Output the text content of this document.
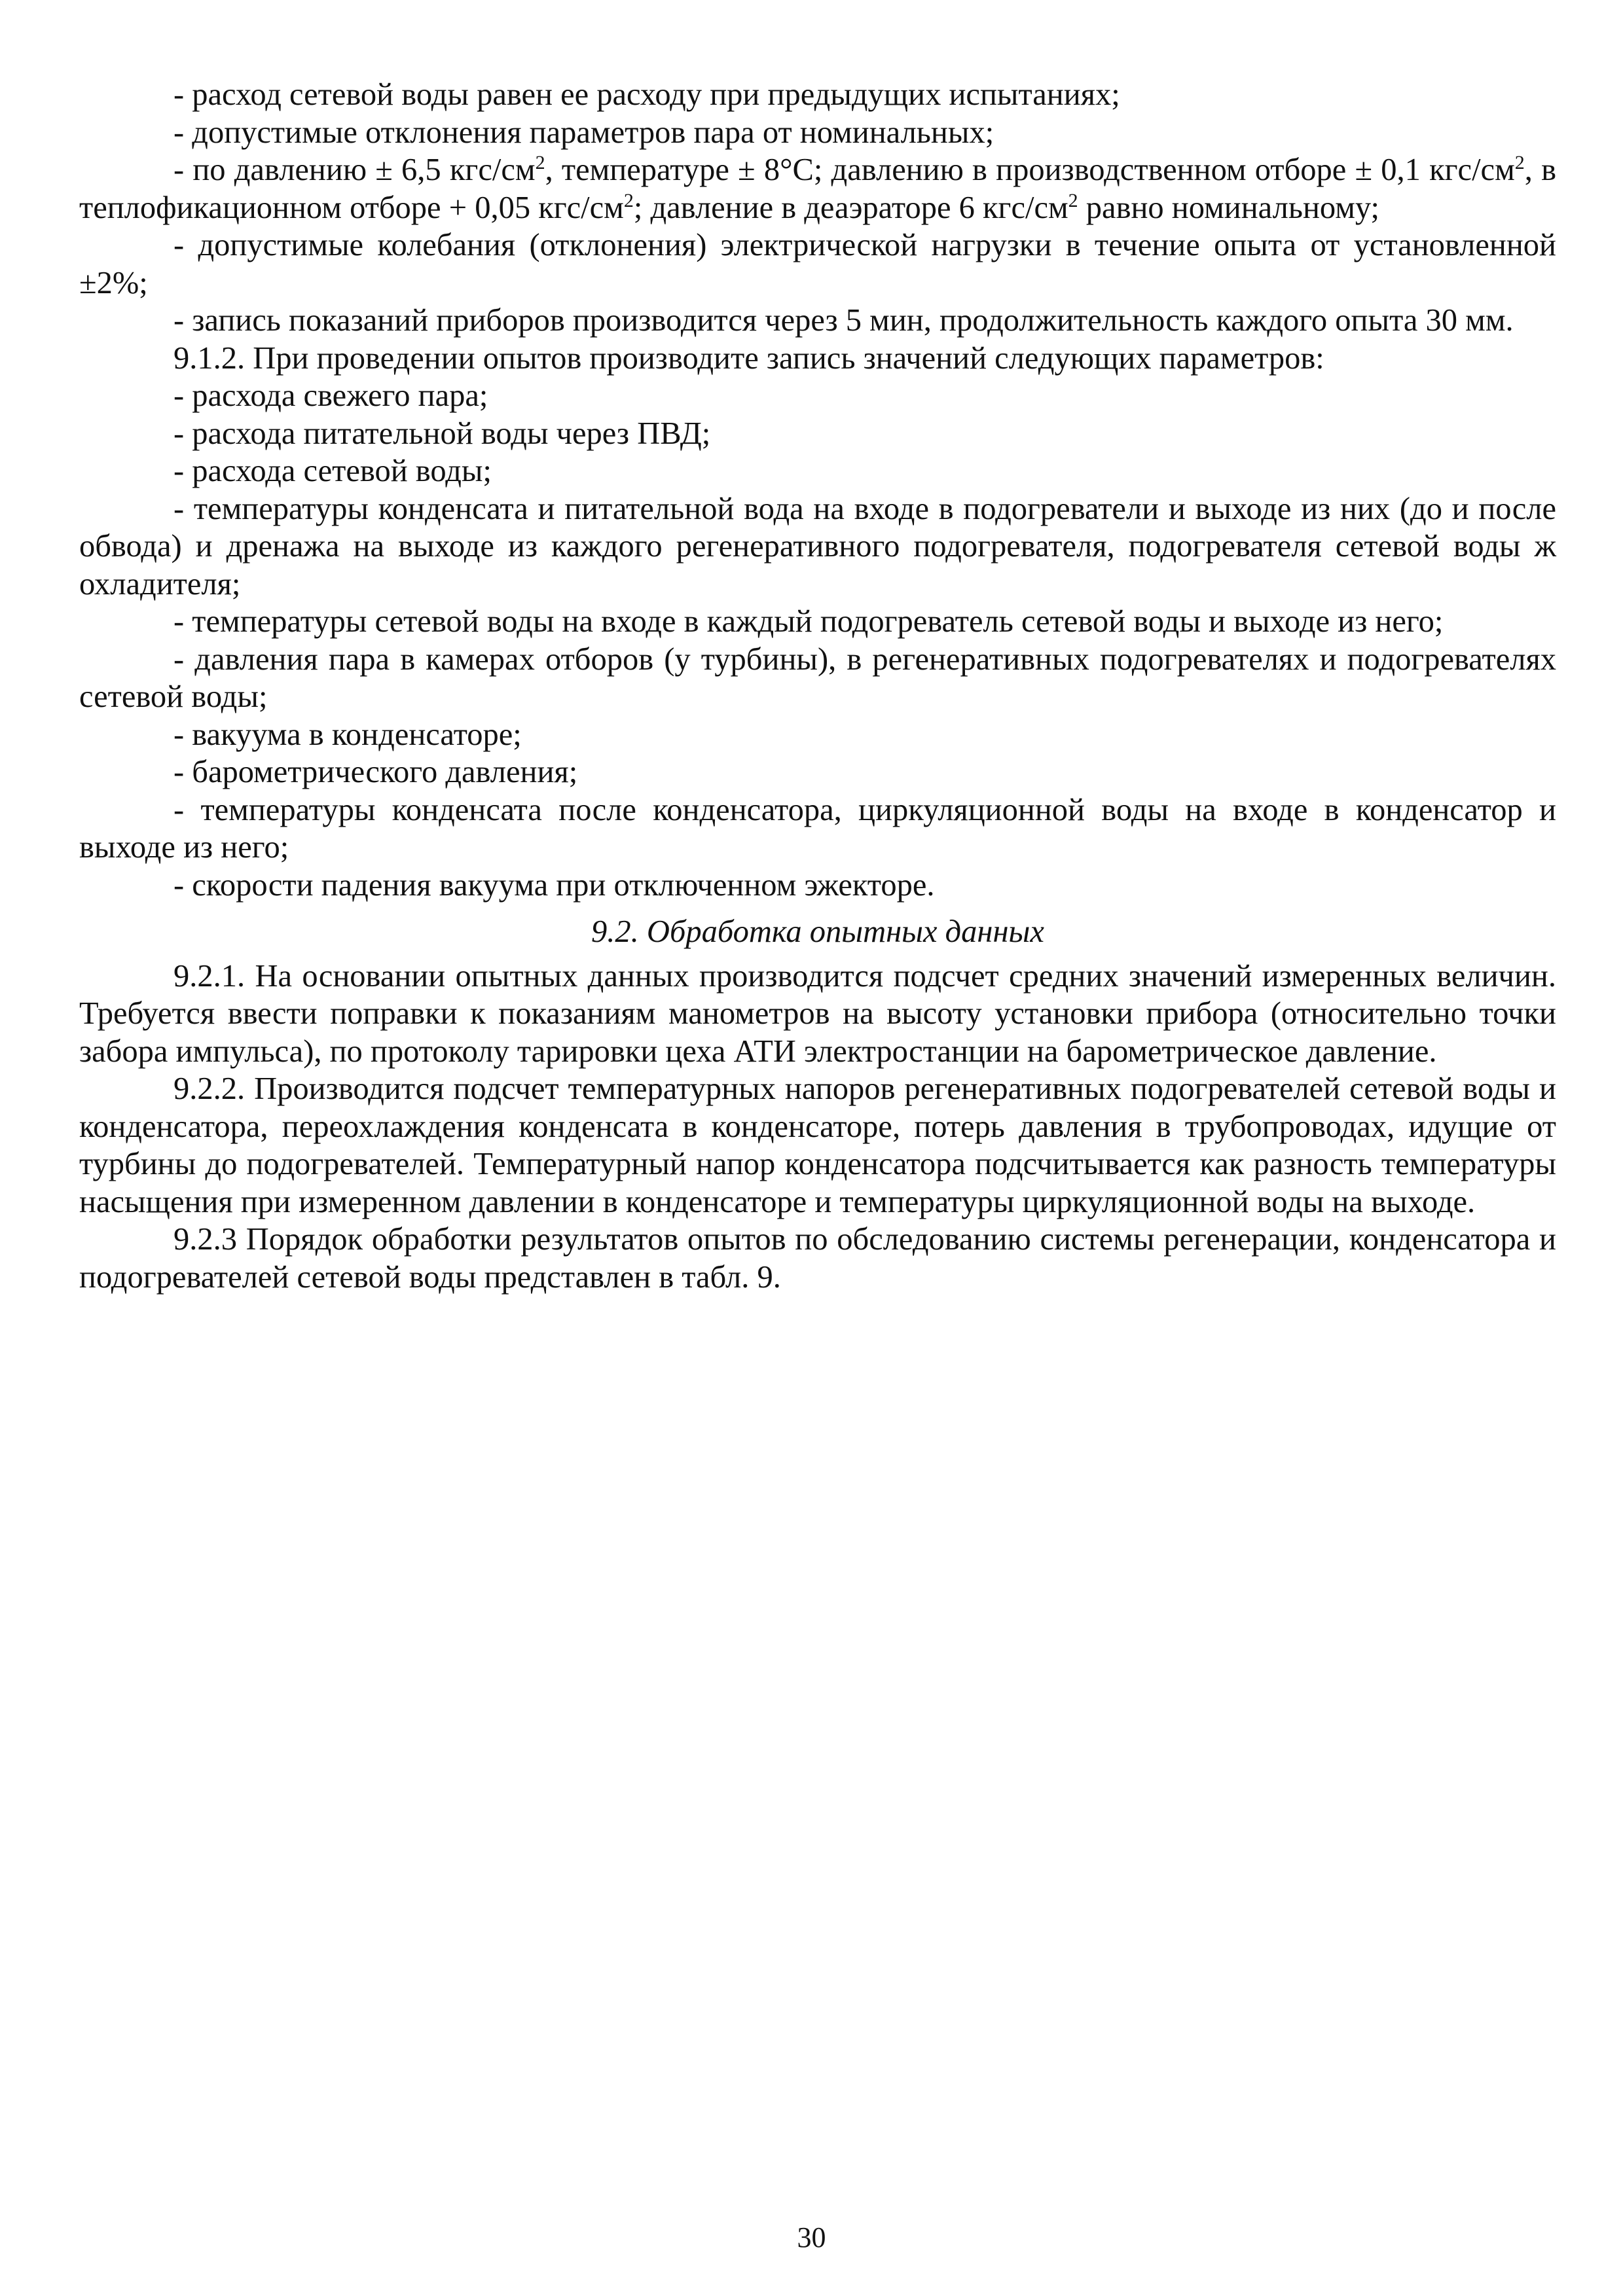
- расход сетевой воды равен ее расходу при предыдущих испытаниях;

- допустимые отклонения параметров пара от номинальных;

- по давлению ± 6,5 кгс/$см^2$, температуре ± 8°С; давлению в производственном отборе ± 0,1 кгс/$см^2$, в теплофикационном отборе + 0,05 кгс/$см^2$; давление в деаэраторе 6 кгс/$см^2$ равно номинальному;

- допустимые колебания (отклонения) электрической нагрузки в течение опыта от установленной ±2%;

- запись показаний приборов производится через 5 мин, продолжительность каждого опыта 30 мм.

9.1.2. При проведении опытов производите запись значений следующих параметров:

- расхода свежего пара;

- расхода питательной воды через ПВД;

- расхода сетевой воды;

- температуры конденсата и питательной вода на входе в подогреватели и выходе из них (до и после обвода) и дренажа на выходе из каждого регенеративного подогревателя, подогревателя сетевой воды ж охладителя;

- температуры сетевой воды на входе в каждый подогреватель сетевой воды и выходе из него;

- давления пара в камерах отборов (у турбины), в регенеративных подогревателях и подогревателях сетевой воды;

- вакуума в конденсаторе;

- барометрического давления;

- температуры конденсата после конденсатора, циркуляционной воды на входе в конденсатор и выходе из него;

- скорости падения вакуума при отключенном эжекторе.

9.2. Обработка опытных данных

9.2.1. На основании опытных данных производится подсчет средних значений измеренных величин. Требуется ввести поправки к показаниям манометров на высоту установки прибора (относительно точки забора импульса), по протоколу тарировки цеха АТИ электростанции на барометрическое давление.

9.2.2. Производится подсчет температурных напоров регенеративных подогревателей сетевой воды и конденсатора, переохлаждения конденсата в конденсаторе, потерь давления в трубопроводах, идущие от турбины до подогревателей. Температурный напор конденсатора подсчитывается как разность температуры насыщения при измеренном давлении в конденсаторе и температуры циркуляционной воды на выходе.

9.2.3 Порядок обработки результатов опытов по обследованию системы регенерации, конденсатора и подогревателей сетевой воды представлен в табл. 9.

30
